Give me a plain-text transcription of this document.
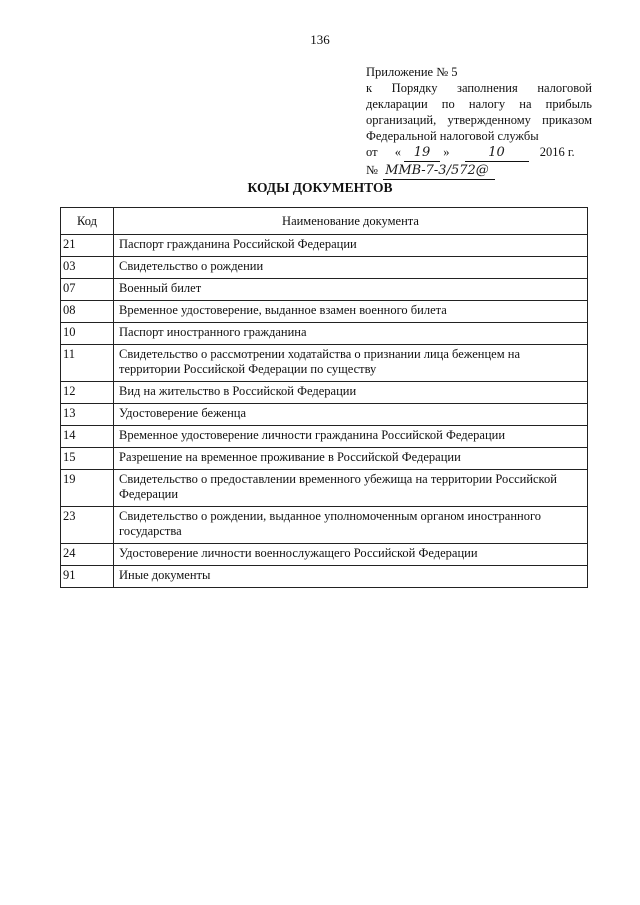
136
Приложение № 5
к Порядку заполнения налоговой
декларации по налогу на прибыль
организаций, утвержденному приказом
Федеральной налоговой службы
от « 19 »	10	2016 г.
№ ММВ-7-3/572@
КОДЫ ДОКУМЕНТОВ
Код	Наименование документа
21	Паспорт гражданина Российской Федерации
03	Свидетельство о рождении
07	Военный билет
08	Временное удостоверение, выданное взамен военного билета
10	Паспорт иностранного гражданина
11	Свидетельство о рассмотрении ходатайства о признании лица беженцем на территории Российской Федерации по существу
12	Вид на жительство в Российской Федерации
13	Удостоверение беженца
14	Временное удостоверение личности гражданина Российской Федерации
15	Разрешение на временное проживание в Российской Федерации
19	Свидетельство о предоставлении временного убежища на территории Российской Федерации
23	Свидетельство о рождении, выданное уполномоченным органом иностранного государства
24	Удостоверение личности военнослужащего Российской Федерации
91	Иные документы
